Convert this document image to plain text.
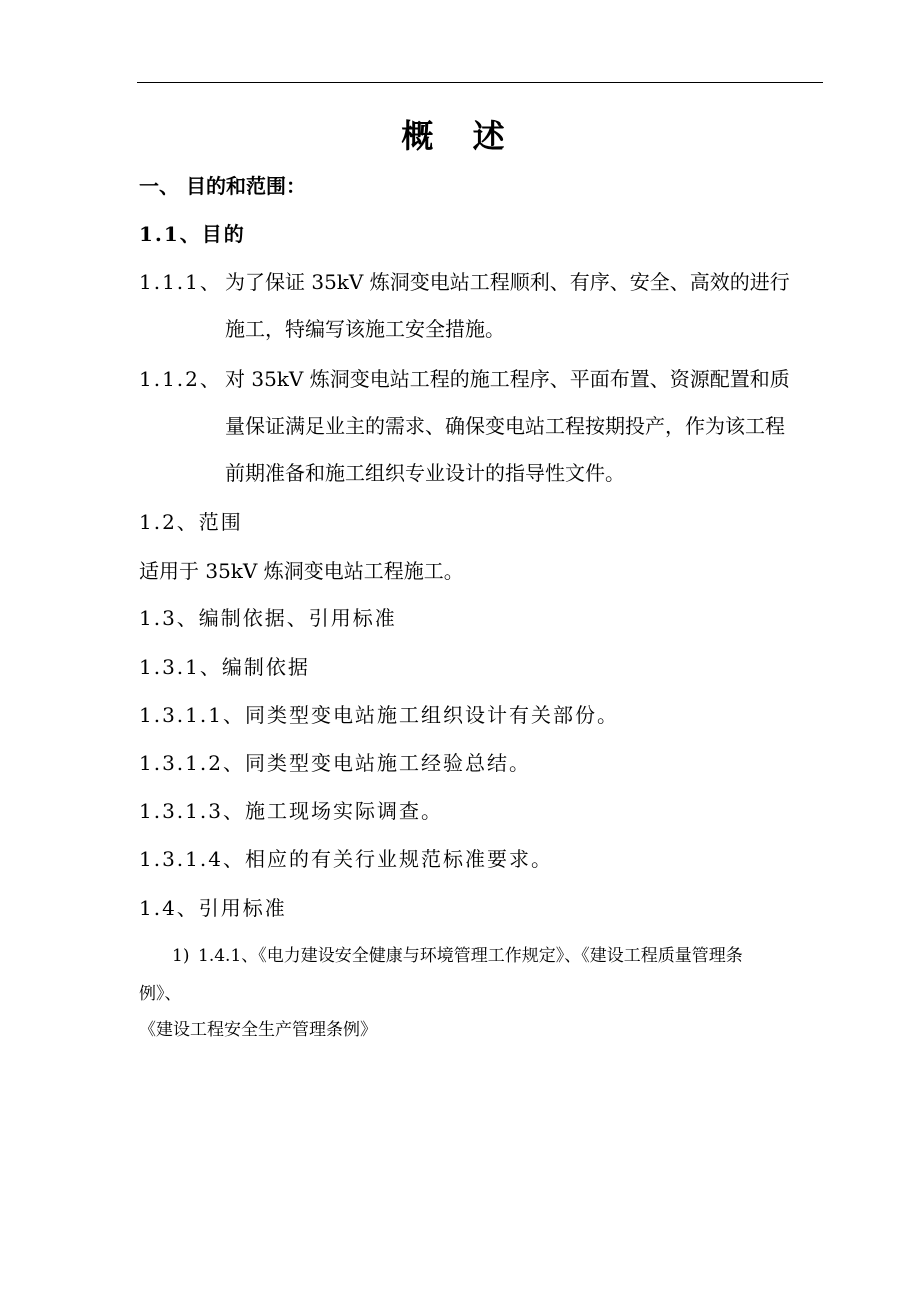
概 述
一、 目的和范围：
1.1、目的
1.1.1、 为了保证 35kV 炼洞变电站工程顺利、有序、安全、高效的进行
施工，特编写该施工安全措施。
1.1.2、 对 35kV 炼洞变电站工程的施工程序、平面布置、资源配置和质
量保证满足业主的需求、确保变电站工程按期投产，作为该工程
前期准备和施工组织专业设计的指导性文件。
1.2、范围
适用于 35kV 炼洞变电站工程施工。
1.3、编制依据、引用标准
1.3.1、编制依据
1.3.1.1、同类型变电站施工组织设计有关部份。
1.3.1.2、同类型变电站施工经验总结。
1.3.1.3、施工现场实际调查。
1.3.1.4、相应的有关行业规范标准要求。
1.4、引用标准
1) 1.4.1、《电力建设安全健康与环境管理工作规定》、《建设工程质量管理条
例》、
《建设工程安全生产管理条例》
